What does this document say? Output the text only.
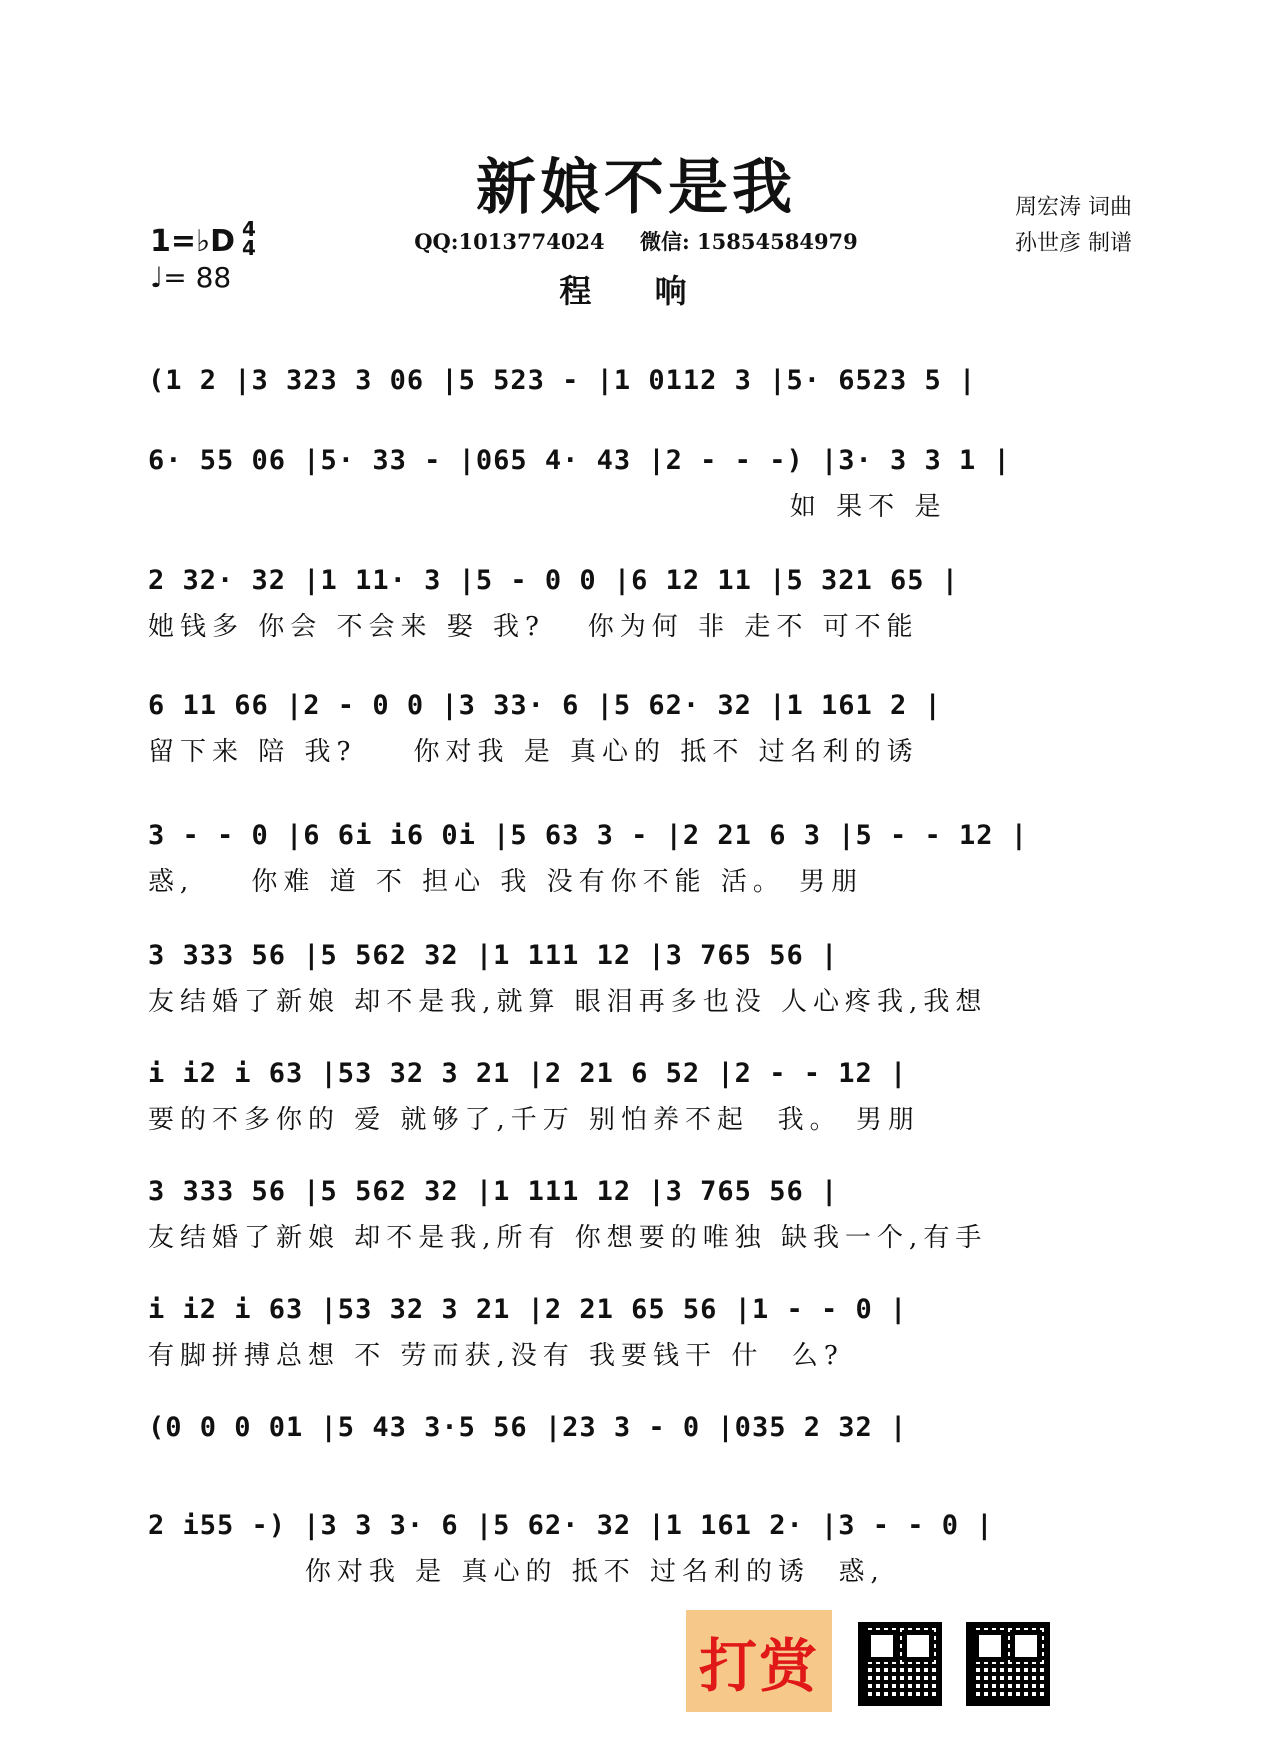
新娘不是我
QQ:1013774024 微信: 15854584979
程 响
周宏涛 词曲
孙世彦 制谱
1=♭D 4
4
♩= 88
(1 2 |3 323 3 06 |5 523 - |1 0112 3 |5· 6523 5 |
6· 55 06 |5· 33 - |065 4· 43 |2 - - -) |3· 3 3 1 |
如 果不 是
2 32· 32 |1 11· 3 |5 - 0 0 |6 12 11 |5 321 65 |
她钱多 你会 不会来 娶 我?   你为何 非 走不 可不能
6 11 66 |2 - 0 0 |3 33· 6 |5 62· 32 |1 161 2 |
留下来 陪 我?    你对我 是 真心的 抵不 过名利的诱
3 - - 0 |6 6i i6 0i |5 63 3 - |2 21 6 3 |5 - - 12 |
惑,    你难 道 不 担心 我 没有你不能 活。 男朋
3 333 56 |5 562 32 |1 111 12 |3 765 56 |
友结婚了新娘 却不是我,就算 眼泪再多也没 人心疼我,我想
i i2 i 63 |53 32 3 21 |2 21 6 52 |2 - - 12 |
要的不多你的 爱 就够了,千万 别怕养不起  我。 男朋
3 333 56 |5 562 32 |1 111 12 |3 765 56 |
友结婚了新娘 却不是我,所有 你想要的唯独 缺我一个,有手
i i2 i 63 |53 32 3 21 |2 21 65 56 |1 - - 0 |
有脚拼搏总想 不 劳而获,没有 我要钱干 什  么?
(0 0 0 01 |5 43 3·5 56 |23 3 - 0 |035 2 32 |
2 i55 -) |3 3 3· 6 |5 62· 32 |1 161 2· |3 - - 0 |
你对我 是 真心的 抵不 过名利的诱  惑,
打赏
